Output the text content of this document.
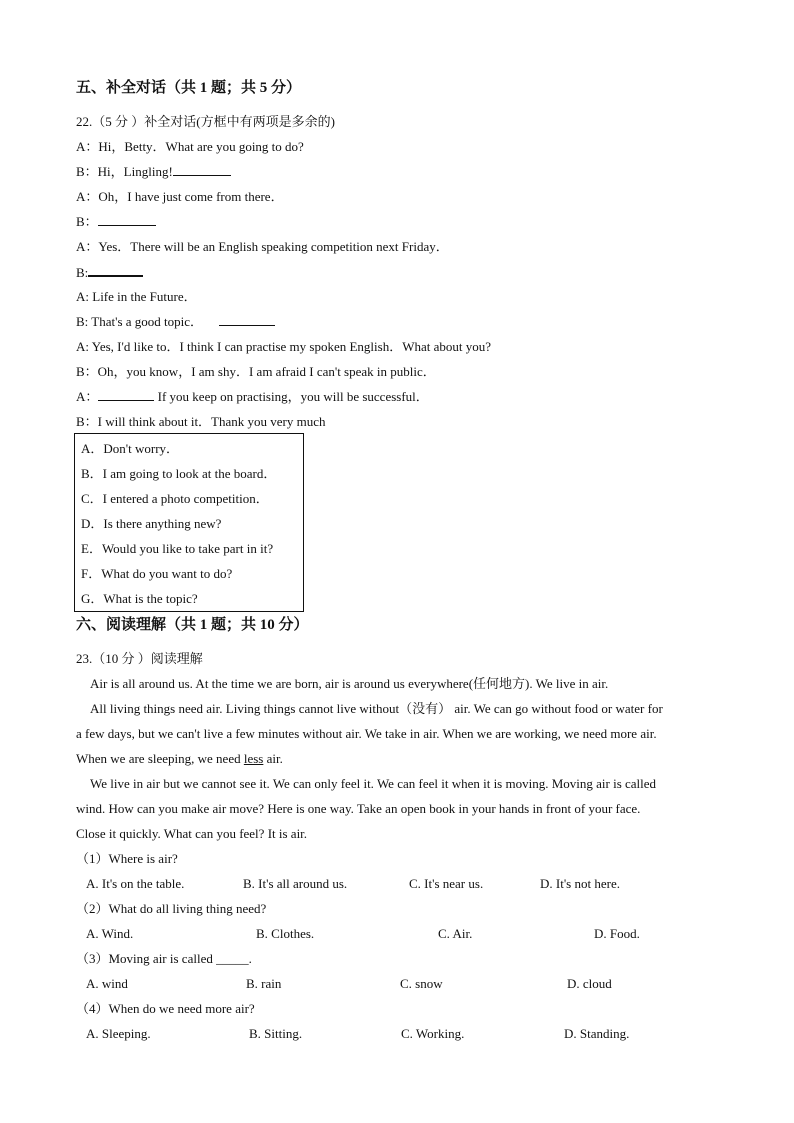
五、补全对话（共 1 题；共 5 分）
22.（5 分 ）补全对话(方框中有两项是多余的)
A：Hi，Betty．What are you going to do?
B：Hi，Lingling!
A：Oh，I have just come from there．
B：
A：Yes．There will be an English speaking competition next Friday．
B:
A: Life in the Future．
B: That's a good topic．
A: Yes, I'd like to．I think I can practise my spoken English．What about you?
B：Oh，you know，I am shy．I am afraid I can't speak in public．
A：	If you keep on practising，you will be successful．
B：I will think about it．Thank you very much
A．Don't worry．
B．I am going to look at the board．
C．I entered a photo competition．
D．Is there anything new?
E．Would you like to take part in it?
F．What do you want to do?
G．What is the topic?
六、阅读理解（共 1 题；共 10 分）
23.（10 分 ）阅读理解
Air is all around us. At the time we are born, air is around us everywhere(任何地方). We live in air.
All living things need air. Living things cannot live without（没有） air. We can go without food or water for
a few days, but we can't live a few minutes without air. We take in air. When we are working, we need more air.
When we are sleeping, we need less air.
We live in air but we cannot see it. We can only feel it. We can feel it when it is moving. Moving air is called
wind. How can you make air move? Here is one way. Take an open book in your hands in front of your face.
Close it quickly. What can you feel? It is air.
（1）Where is air?
A. It's on the table.	B. It's all around us.	C. It's near us.	D. It's not here.
（2）What do all living thing need?
A. Wind.	B. Clothes.	C. Air.	D. Food.
（3）Moving air is called _____.
A. wind	B. rain	C. snow	D. cloud
（4）When do we need more air?
A. Sleeping.	B. Sitting.	C. Working.	D. Standing.
